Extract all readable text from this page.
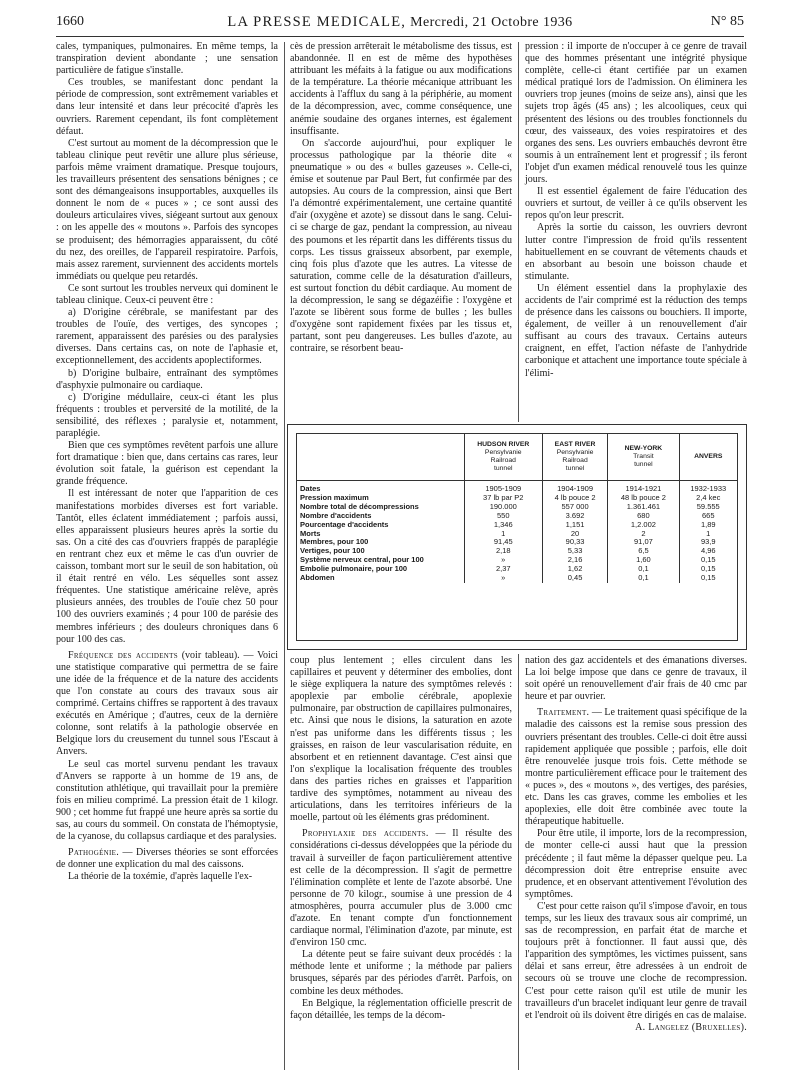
1660	LA PRESSE MEDICALE, Mercredi, 21 Octobre 1936	N° 85

cales, tympaniques, pulmonaires. En même temps, la transpiration devient abondante ; une sensation particulière de fatigue s'installe.

Ces troubles, se manifestant donc pendant la période de compression, sont extrêmement variables et dans leur intensité et dans leur précocité d'après les ouvriers. Rarement cependant, ils font complètement défaut.

C'est surtout au moment de la décompression que le tableau clinique peut revêtir une allure plus sérieuse, parfois même vraiment dramatique. Presque toujours, les travailleurs présentent des sensations bénignes ; ce sont des démangeaisons insupportables, auxquelles ils donnent le nom de « puces » ; ce sont aussi des douleurs articulaires vives, siégeant surtout aux genoux : on les appelle des « moutons ». Parfois des syncopes se produisent; des hémorragies apparaissent, du côté du nez, des oreilles, de l'appareil respiratoire. Parfois, mais assez rarement, surviennent des accidents mortels immédiats ou quelque peu retardés.

Ce sont surtout les troubles nerveux qui dominent le tableau clinique. Ceux-ci peuvent être :

a) D'origine cérébrale, se manifestant par des troubles de l'ouïe, des vertiges, des syncopes ; rarement, apparaissent des parésies ou des paralysies diverses. Dans certains cas, on note de l'aphasie et, exceptionnellement, des accidents apoplectiformes.

b) D'origine bulbaire, entraînant des symptômes d'asphyxie pulmonaire ou cardiaque.

c) D'origine médullaire, ceux-ci étant les plus fréquents : troubles et perversité de la motilité, de la sensibilité, des réflexes ; paralysie et, notamment, paraplégie.

Bien que ces symptômes revêtent parfois une allure fort dramatique : bien que, dans certains cas rares, leur évolution soit fatale, la guérison est cependant la grande fréquence.

Il est intéressant de noter que l'apparition de ces manifestations morbides diverses est fort variable. Tantôt, elles éclatent immédiatement ; parfois aussi, elles apparaissent plusieurs heures après la sortie du sas. On a cité des cas d'ouvriers frappés de paraplégie en rentrant chez eux et même le cas d'un ouvrier de caisson, tombant mort sur le seuil de son habitation, où il était rentré en vélo. Les séquelles sont assez fréquentes. Une statistique américaine relève, après plusieurs années, des troubles de l'ouïe chez 50 pour 100 des ouvriers examinés ; 4 pour 100 de parésie des membres inférieurs ; des douleurs chroniques dans 6 pour 100 des cas.

Fréquence des accidents (voir tableau). — Voici une statistique comparative qui permettra de se faire une idée de la fréquence et de la nature des accidents que l'on constate au cours des travaux sous air comprimé. Certains chiffres se rapportent à des travaux exécutés en Amérique ; d'autres, ceux de la dernière colonne, sont relatifs à la pathologie observée en Belgique lors du creusement du tunnel sous l'Escaut à Anvers.

Le seul cas mortel survenu pendant les travaux d'Anvers se rapporte à un homme de 19 ans, de constitution athlétique, qui travaillait pour la première fois en milieu comprimé. La pression était de 1 kilogr. 900 ; cet homme fut frappé une heure après sa sortie du sas, au cours du sommeil. On constata de l'hémoptysie, de la cyanose, du collapsus cardiaque et des paralysies.

Pathogénie. — Diverses théories se sont efforcées de donner une explication du mal des caissons.

La théorie de la toxémie, d'après laquelle l'ex-

cès de pression arrêterait le métabolisme des tissus, est abandonnée. Il en est de même des hypothèses attribuant les méfaits à la fatigue ou aux modifications de la température. La théorie mécanique attribuant les accidents à l'afflux du sang à la périphérie, au moment de la décompression, avec, comme conséquence, une anémie soudaine des organes internes, est également insuffisante.

On s'accorde aujourd'hui, pour expliquer le processus pathologique par la théorie dite « pneumatique » ou des « bulles gazeuses ». Celle-ci, émise et soutenue par Paul Bert, fut confirmée par des autopsies. Au cours de la compression, ainsi que Bert l'a démontré expérimentalement, une certaine quantité d'air (oxygène et azote) se dissout dans le sang. Celui-ci se charge de gaz, pendant la compression, au niveau des poumons et les répartit dans les différents tissus du corps. Les tissus graisseux absorbent, par exemple, cinq fois plus d'azote que les autres. La vitesse de saturation, comme celle de la désaturation d'ailleurs, est surtout fonction du débit cardiaque. Au moment de la décompression, le sang se dégazéifie : l'oxygène et l'azote se libèrent sous forme de bulles ; les bulles d'oxygène sont rapidement fixées par les tissus et, partant, sont peu dangereuses. Les bulles d'azote, au contraire, se résorbent beau-

pression : il importe de n'occuper à ce genre de travail que des hommes présentant une intégrité physique complète, celle-ci étant certifiée par un examen médical pratiqué lors de l'admission. On éliminera les ouvriers trop jeunes (moins de seize ans), ainsi que les sujets trop âgés (45 ans) ; les alcooliques, ceux qui présentent des lésions ou des troubles fonctionnels du cœur, des vaisseaux, des voies respiratoires et des organes des sens. Les ouvriers embauchés devront être soumis à un entraînement lent et progressif ; ils feront l'objet d'un examen médical renouvelé tous les quinze jours.

Il est essentiel également de faire l'éducation des ouvriers et surtout, de veiller à ce qu'ils observent les repos qu'on leur prescrit.

Après la sortie du caisson, les ouvriers devront lutter contre l'impression de froid qu'ils ressentent habituellement en se couvrant de vêtements chauds et en absorbant au besoin une boisson chaude et stimulante.

Un élément essentiel dans la prophylaxie des accidents de l'air comprimé est la réduction des temps de présence dans les caissons ou bouchiers. Il importe, également, de veiller à un renouvellement d'air suffisant au cours des travaux. Certains auteurs craignent, en effet, l'action néfaste de l'anhydride carbonique et attachent une importance toute spéciale à l'élimi-

	HUDSON RIVER
Pensylvanie
Railroad
tunnel	EAST RIVER
Pensylvanie
Railroad
tunnel	NEW-YORK
Transit
tunnel	ANVERS
Dates	1905-1909	1904-1909	1914-1921	1932-1933
Pression maximum	37 lb par P2	4 lb pouce 2	48 lb pouce 2	2,4 kec
Nombre total de décompressions	190.000	557 000	1.361.461	59.555
Nombre d'accidents	550	3.692	680	665
Pourcentage d'accidents	1,346	1,151	1,2.002	1,89
Morts	1	20	2	1
Membres, pour 100	91,45	90,33	91,07	93,9
Vertiges, pour 100	2,18	5,33	6,5	4,96
Système nerveux central, pour 100	»	2,16	1,60	0,15
Embolie pulmonaire, pour 100	2,37	1,62	0,1	0,15
Abdomen	»	0,45	0,1	0,15

coup plus lentement ; elles circulent dans les capillaires et peuvent y déterminer des embolies, dont le siège expliquera la nature des symptômes relevés : apoplexie par embolie cérébrale, apoplexie pulmonaire, par obstruction de capillaires pulmonaires, etc. Ainsi que nous le disions, la saturation en azote n'est pas uniforme dans les différents tissus ; les graisses, en raison de leur vascularisation réduite, en absorbent et en retiennent davantage. C'est ainsi que l'on s'explique la localisation fréquente des troubles dans des parties riches en graisses et l'apparition tardive des symptômes, notamment au niveau des articulations, dans les territoires inférieurs de la moelle, partout où les éléments gras prédominent.

Prophylaxie des accidents. — Il résulte des considérations ci-dessus développées que la période du travail à surveiller de façon particulièrement attentive est celle de la décompression. Il s'agit de permettre l'élimination complète et lente de l'azote absorbé. Une personne de 70 kilogr., soumise à une pression de 4 atmosphères, pourra accumuler plus de 3.000 cmc d'azote. En tenant compte d'un fonctionnement cardiaque normal, l'élimination d'azote, par minute, est d'environ 150 cmc.

La détente peut se faire suivant deux procédés : la méthode lente et uniforme ; la méthode par paliers brusques, séparés par des périodes d'arrêt. Parfois, on combine les deux méthodes.

En Belgique, la réglementation officielle prescrit de façon détaillée, les temps de la décom-

nation des gaz accidentels et des émanations diverses. La loi belge impose que dans ce genre de travaux, il soit opéré un renouvellement d'air frais de 40 cmc par heure et par ouvrier.

Traitement. — Le traitement quasi spécifique de la maladie des caissons est la remise sous pression des ouvriers présentant des troubles. Celle-ci doit être aussi rapidement appliquée que possible ; parfois, elle doit être renouvelée jusque trois fois. Cette méthode se montre particulièrement efficace pour le traitement des « puces », des « moutons », des vertiges, des parésies, etc. Dans les cas graves, comme les embolies et les apoplexies, elle doit être combinée avec toute la thérapeutique habituelle.

Pour être utile, il importe, lors de la recompression, de monter celle-ci aussi haut que la pression précédente ; il faut même la dépasser quelque peu. La décompression doit être entreprise ensuite avec prudence, et en observant attentivement l'évolution des symptômes.

C'est pour cette raison qu'il s'impose d'avoir, en tous temps, sur les lieux des travaux sous air comprimé, un sas de recompression, en parfait état de marche et toujours prêt à fonctionner. Il faut aussi que, dès l'apparition des symptômes, les victimes puissent, sans délai et sans erreur, être adressées à un endroit de secours où se trouve une cloche de recompression. C'est pour cette raison qu'il est utile de munir les travailleurs d'un bracelet indiquant leur genre de travail et l'endroit où ils doivent être dirigés en cas de malaise.

A. Langelez (Bruxelles).
